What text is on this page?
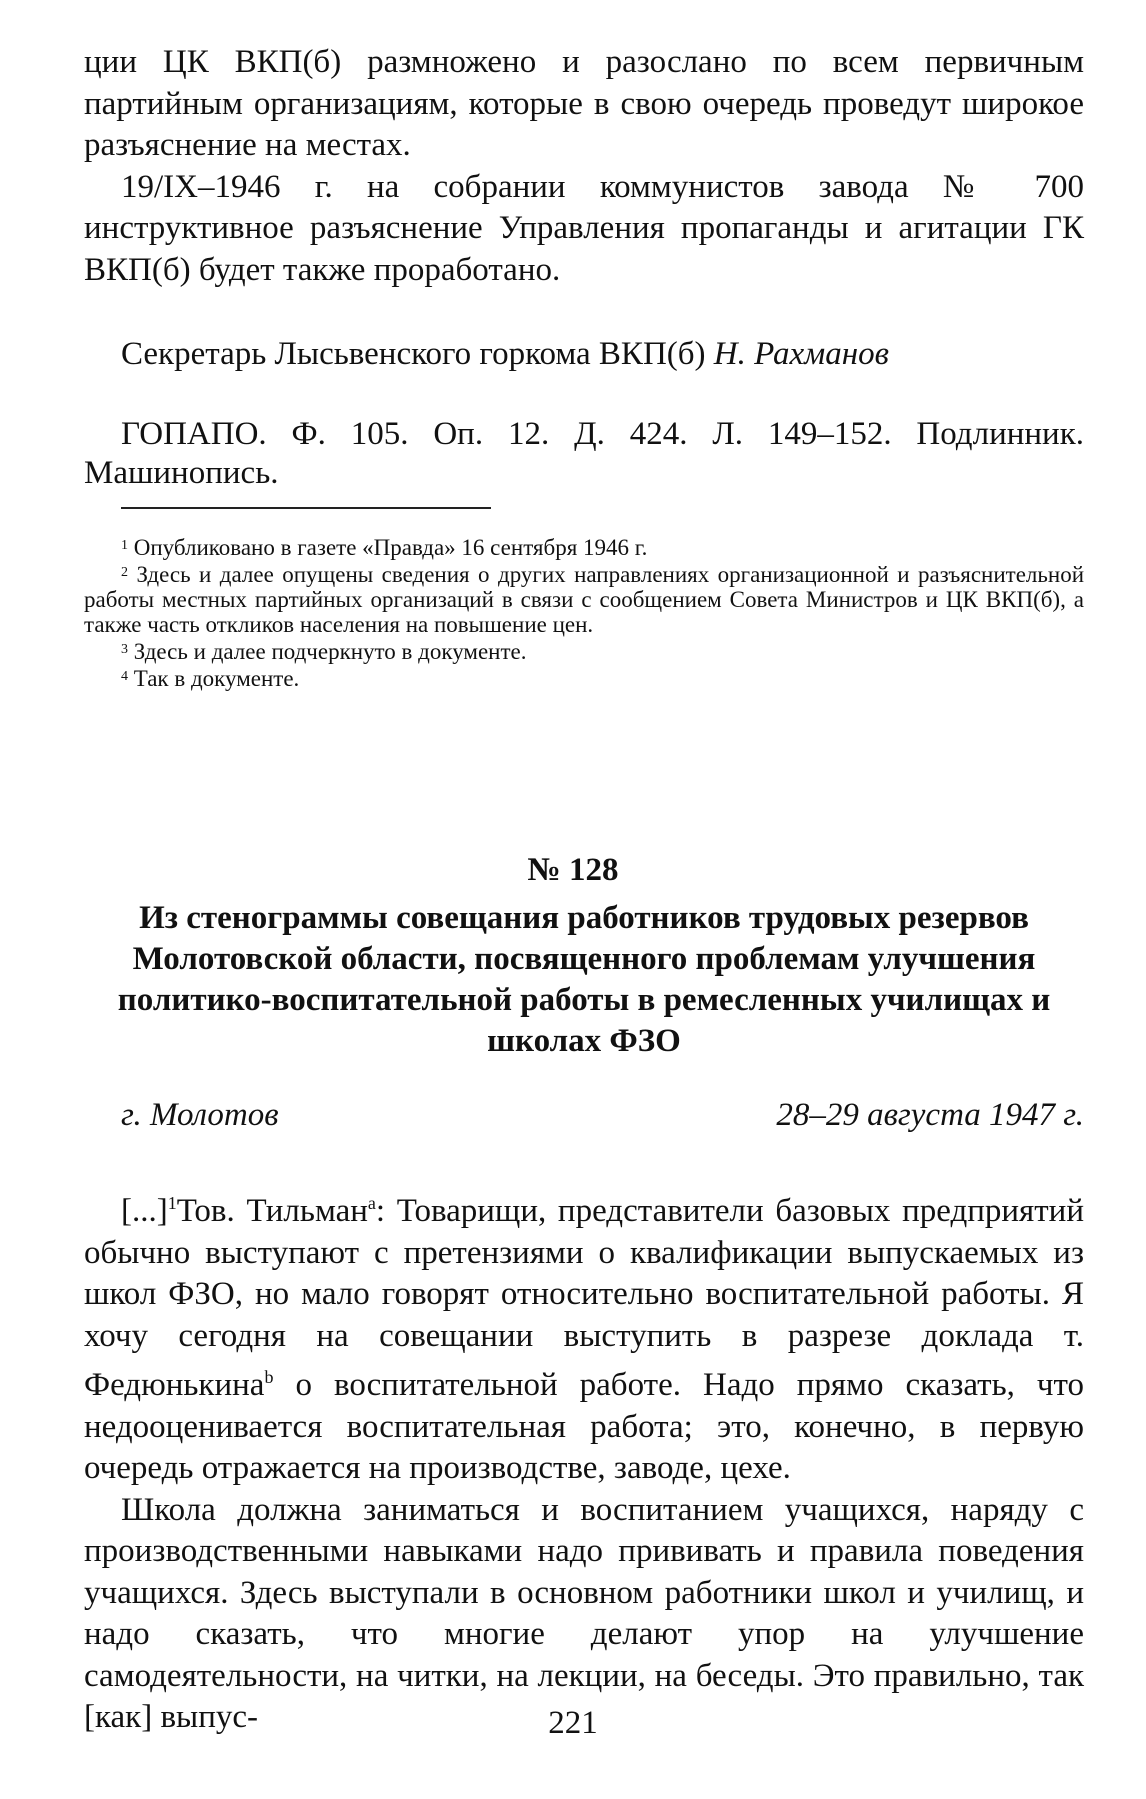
ции ЦК ВКП(б) размножено и разослано по всем первичным партийным организациям, которые в свою очередь проведут широкое разъяснение на местах.

19/IX–1946 г. на собрании коммунистов завода № 700 инструктивное разъяснение Управления пропаганды и агитации ГК ВКП(б) будет также проработано.

Секретарь Лысьвенского горкома ВКП(б) Н. Рахманов

ГОПАПО. Ф. 105. Оп. 12. Д. 424. Л. 149–152. Подлинник. Машинопись.

$^1$ Опубликовано в газете «Правда» 16 сентября 1946 г.

$^2$ Здесь и далее опущены сведения о других направлениях организационной и разъяснительной работы местных партийных организаций в связи с сообщением Совета Министров и ЦК ВКП(б), а также часть откликов населения на повышение цен.

$^3$ Здесь и далее подчеркнуто в документе.

$^4$ Так в документе.

№ 128
Из стенограммы совещания работников трудовых резервов Молотовской области, посвященного проблемам улучшения политико-воспитательной работы в ремесленных училищах и школах ФЗО
г. Молотов	28–29 августа 1947 г.

[...]$^1$Тов. Тильман$^a$: Товарищи, представители базовых предприятий обычно выступают с претензиями о квалификации выпускаемых из школ ФЗО, но мало говорят относительно воспитательной работы. Я хочу сегодня на совещании выступить в разрезе доклада т. Федюнькина$^b$ о воспитательной работе. Надо прямо сказать, что недооценивается воспитательная работа; это, конечно, в первую очередь отражается на производстве, заводе, цехе.

Школа должна заниматься и воспитанием учащихся, наряду с производственными навыками надо прививать и правила поведения учащихся. Здесь выступали в основном работники школ и училищ, и надо сказать, что многие делают упор на улучшение самодеятельности, на читки, на лекции, на беседы. Это правильно, так [как] выпус-	221
